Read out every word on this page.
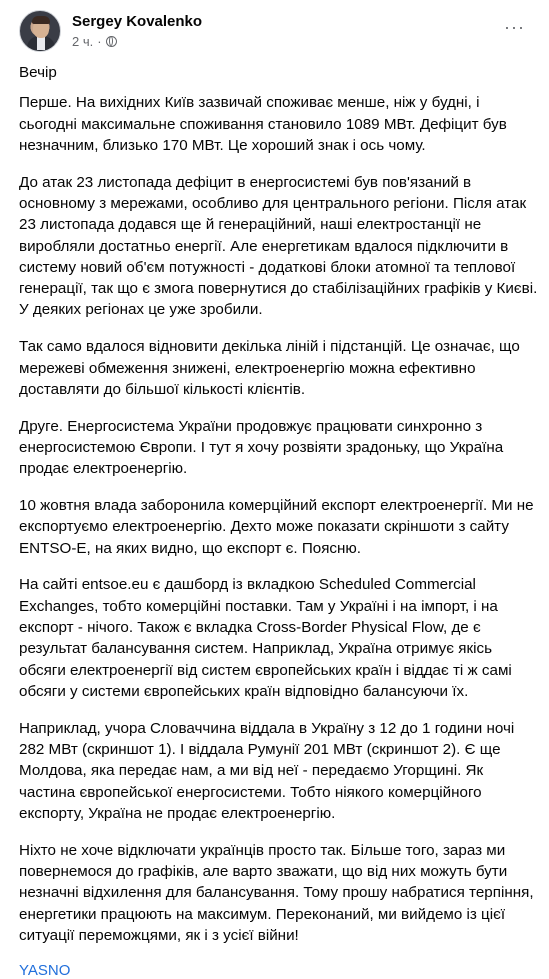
Sergey Kovalenko
2 ч. ·
···

Вечір

Перше. На вихідних Київ зазвичай споживає менше, ніж у будні, і сьогодні максимальне споживання становило 1089 МВт. Дефіцит був незначним, близько 170 МВт. Це хороший знак і ось чому.

До атак 23 листопада дефіцит в енергосистемі був пов'язаний в основному з мережами, особливо для центрального регіони. Після атак 23 листопада додався ще й генераційний, наші електростанції не виробляли достатньо енергії. Але енергетикам вдалося підключити в систему новий об'єм потужності - додаткові блоки атомної та теплової генерації, так що є змога повернутися до стабілізаційних графіків у Києві. У деяких регіонах це уже зробили.

Так само вдалося відновити декілька ліній і підстанцій. Це означає, що мережеві обмеження знижені, електроенергію можна ефективно доставляти до більшої кількості клієнтів.

Друге. Енергосистема України продовжує працювати синхронно з енергосистемою Європи. І тут я хочу розвіяти зрадоньку, що Україна продає електроенергію.

10 жовтня влада заборонила комерційний експорт електроенергії. Ми не експортуємо електроенергію. Дехто може показати скріншоти з сайту ENTSO-E, на яких видно, що експорт є. Поясню.

На сайті entsoe.eu є дашборд із вкладкою Scheduled Commercial Exchanges, тобто комерційні поставки. Там у Україні і на імпорт, і на експорт - нічого. Також є вкладка Cross-Border Physical Flow, де є результат балансування систем. Наприклад, Україна отримує якісь обсяги електроенергії від систем європейських країн і віддає ті ж самі обсяги у системи європейських країн відповідно балансуючи їх.

Наприклад, учора Словаччина віддала в Україну з 12 до 1 години ночі 282 МВт (скриншот 1). І віддала Румунії 201 МВт (скриншот 2). Є ще Молдова, яка передає нам, а ми від неї - передаємо Угорщині. Як частина європейської енергосистеми. Тобто ніякого комерційного експорту, Україна не продає електроенергію.

Ніхто не хоче відключати українців просто так. Більше того, зараз ми повернемося до графіків, але варто зважати, що від них можуть бути незначні відхилення для балансування. Тому прошу набратися терпіння, енергетики працюють на максимум. Переконаний, ми вийдемо із цієї ситуації переможцями, як і з усієї війни!

YASNO
